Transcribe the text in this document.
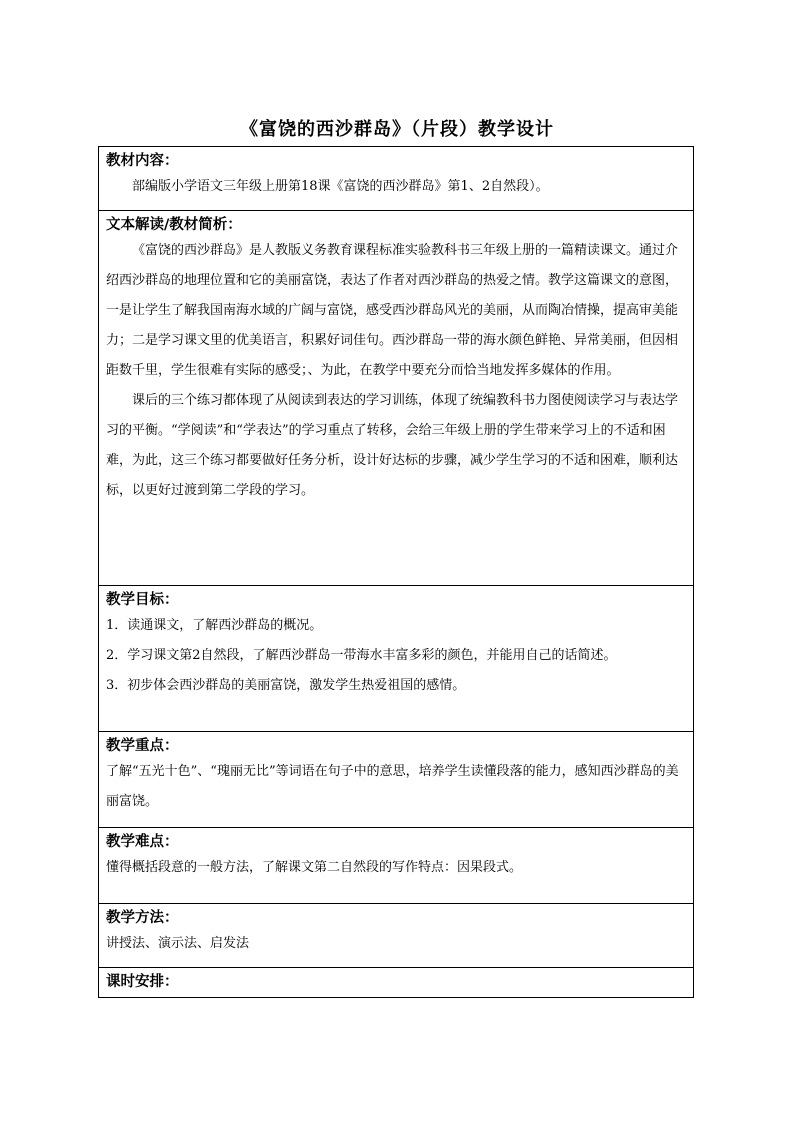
《富饶的西沙群岛》（片段）教学设计
教材内容：

部编版小学语文三年级上册第18课《富饶的西沙群岛》第1、2自然段）。

文本解读/教材简析：

《富饶的西沙群岛》是人教版义务教育课程标准实验教科书三年级上册的一篇精读课文。通过介绍西沙群岛的地理位置和它的美丽富饶，表达了作者对西沙群岛的热爱之情。教学这篇课文的意图，一是让学生了解我国南海水域的广阔与富饶，感受西沙群岛风光的美丽，从而陶冶情操，提高审美能力；二是学习课文里的优美语言，积累好词佳句。西沙群岛一带的海水颜色鲜艳、异常美丽，但因相距数千里，学生很难有实际的感受；、为此，在教学中要充分而恰当地发挥多媒体的作用。

课后的三个练习都体现了从阅读到表达的学习训练，体现了统编教科书力图使阅读学习与表达学习的平衡。“学阅读”和“学表达”的学习重点了转移，会给三年级上册的学生带来学习上的不适和困难，为此，这三个练习都要做好任务分析，设计好达标的步骤，减少学生学习的不适和困难，顺利达标，以更好过渡到第二学段的学习。

教学目标：

1．读通课文，了解西沙群岛的概况。

2．学习课文第2自然段，了解西沙群岛一带海水丰富多彩的颜色，并能用自己的话简述。

3．初步体会西沙群岛的美丽富饶，激发学生热爱祖国的感情。

教学重点：

了解“五光十色”、“瑰丽无比”等词语在句子中的意思，培养学生读懂段落的能力，感知西沙群岛的美丽富饶。

教学难点：

懂得概括段意的一般方法，了解课文第二自然段的写作特点：因果段式。

教学方法：

讲授法、演示法、启发法

课时安排：
